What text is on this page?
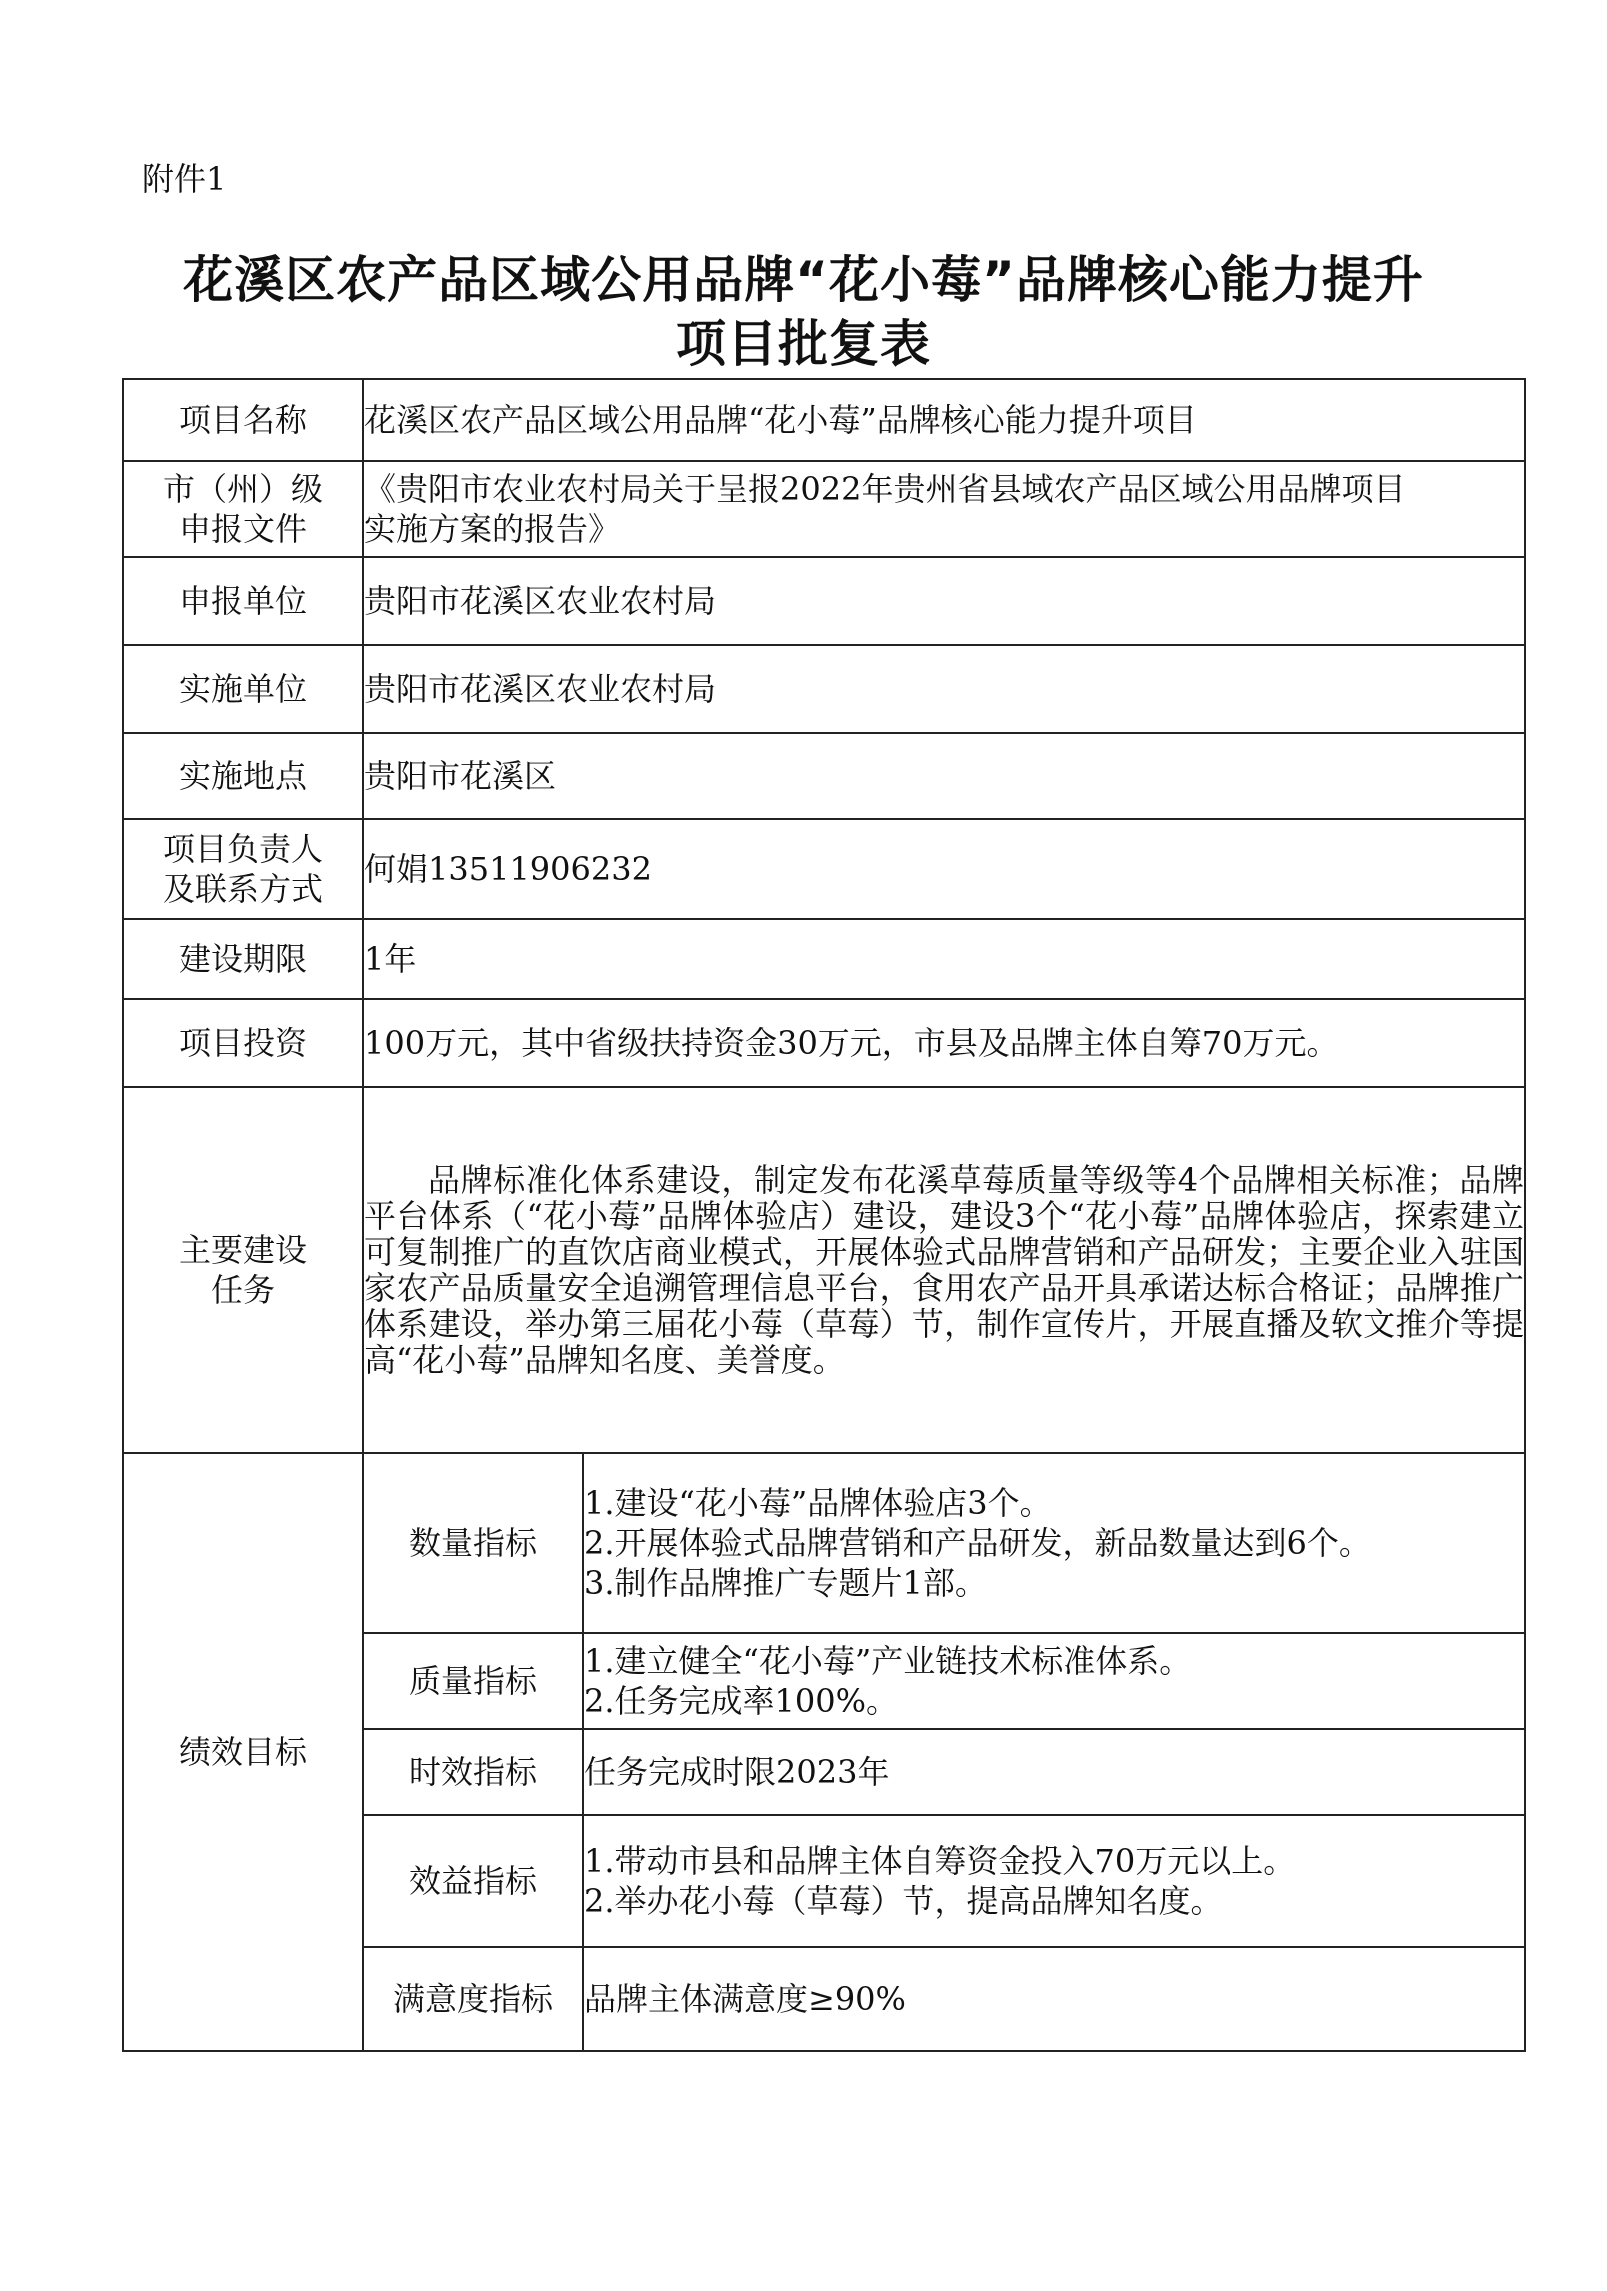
附件1
花溪区农产品区域公用品牌“花小莓”品牌核心能力提升
项目批复表
项目名称	花溪区农产品区域公用品牌“花小莓”品牌核心能力提升项目	

市（州）级
申报文件	《贵阳市农业农村局关于呈报2022年贵州省县域农产品区域公用品牌项目
实施方案的报告》	

申报单位	贵阳市花溪区农业农村局	
实施单位	贵阳市花溪区农业农村局	
实施地点	贵阳市花溪区	

项目负责人
及联系方式	何娟13511906232	
建设期限	1年	
项目投资	100万元，其中省级扶持资金30万元，市县及品牌主体自筹70万元。	

主要建设
任务	品牌标准化体系建设，制定发布花溪草莓质量等级等4个品牌相关标准；品牌平台体系（“花小莓”品牌体验店）建设，建设3个“花小莓”品牌体验店，探索建立可复制推广的直饮店商业模式，开展体验式品牌营销和产品研发；主要企业入驻国家农产品质量安全追溯管理信息平台，食用农产品开具承诺达标合格证；品牌推广体系建设，举办第三届花小莓（草莓）节，制作宣传片，开展直播及软文推介等提高“花小莓”品牌知名度、美誉度。	

绩效目标	数量指标	1.建设“花小莓”品牌体验店3个。
2.开展体验式品牌营销和产品研发，新品数量达到6个。
3.制作品牌推广专题片1部。

	质量指标	1.建立健全“花小莓”产业链技术标准体系。
2.任务完成率100%。

	时效指标	任务完成时限2023年
	效益指标	1.带动市县和品牌主体自筹资金投入70万元以上。
2.举办花小莓（草莓）节，提高品牌知名度。

	满意度指标	品牌主体满意度≥90%
